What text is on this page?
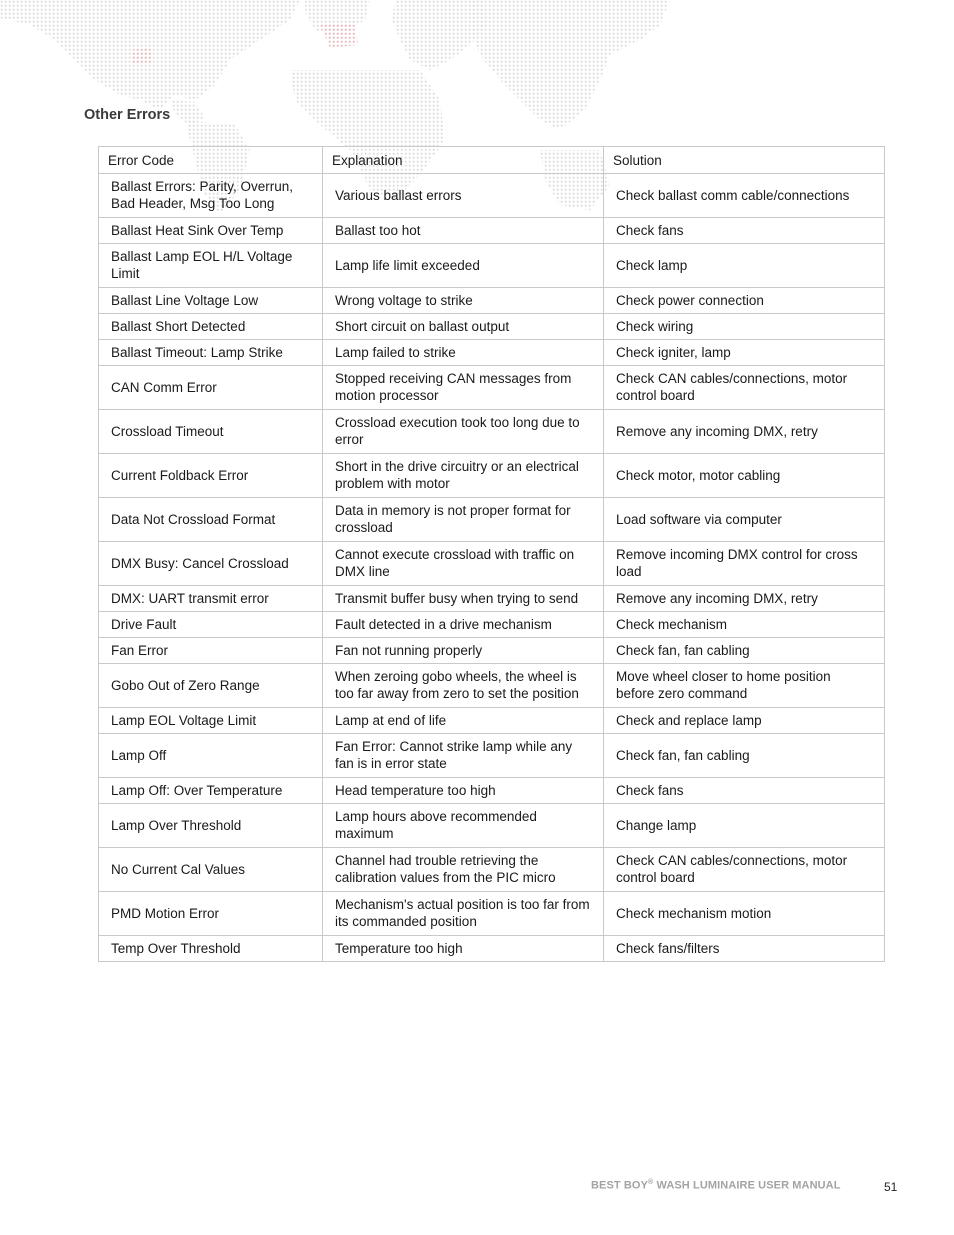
Other Errors
Error Code	Explanation	Solution
Ballast Errors: Parity, Overrun, Bad Header, Msg Too Long	Various ballast errors	Check ballast comm cable/connections
Ballast Heat Sink Over Temp	Ballast too hot	Check fans
Ballast Lamp EOL H/L Voltage Limit	Lamp life limit exceeded	Check lamp
Ballast Line Voltage Low	Wrong voltage to strike	Check power connection
Ballast Short Detected	Short circuit on ballast output	Check wiring
Ballast Timeout: Lamp Strike	Lamp failed to strike	Check igniter, lamp
CAN Comm Error	Stopped receiving CAN messages from motion processor	Check CAN cables/connections, motor control board
Crossload Timeout	Crossload execution took too long due to error	Remove any incoming DMX, retry
Current Foldback Error	Short in the drive circuitry or an electrical problem with motor	Check motor, motor cabling
Data Not Crossload Format	Data in memory is not proper format for crossload	Load software via computer
DMX Busy: Cancel Crossload	Cannot execute crossload with traffic on DMX line	Remove incoming DMX control for cross load
DMX: UART transmit error	Transmit buffer busy when trying to send	Remove any incoming DMX, retry
Drive Fault	Fault detected in a drive mechanism	Check mechanism
Fan Error	Fan not running properly	Check fan, fan cabling
Gobo Out of Zero Range	When zeroing gobo wheels, the wheel is too far away from zero to set the position	Move wheel closer to home position before zero command
Lamp EOL Voltage Limit	Lamp at end of life	Check and replace lamp
Lamp Off	Fan Error: Cannot strike lamp while any fan is in error state	Check fan, fan cabling
Lamp Off: Over Temperature	Head temperature too high	Check fans
Lamp Over Threshold	Lamp hours above recommended maximum	Change lamp
No Current Cal Values	Channel had trouble retrieving the calibration values from the PIC micro	Check CAN cables/connections, motor control board
PMD Motion Error	Mechanism's actual position is too far from its commanded position	Check mechanism motion
Temp Over Threshold	Temperature too high	Check fans/filters
BEST BOY® WASH LUMINAIRE USER MANUAL	51
